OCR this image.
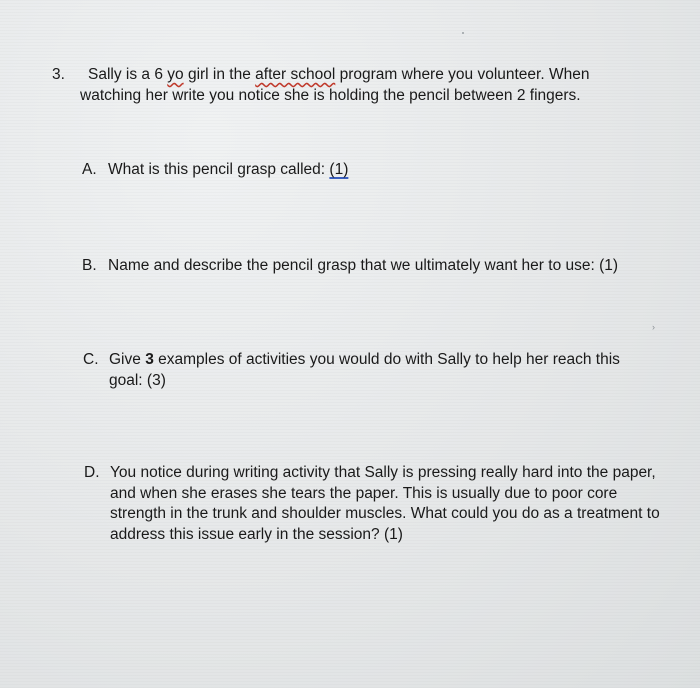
3.	Sally is a 6 yo girl in the after school program where you volunteer. When
watching her write you notice she is holding the pencil between 2 fingers.

A. What is this pencil grasp called: (1)

B. Name and describe the pencil grasp that we ultimately want her to use: (1)

C. Give 3 examples of activities you would do with Sally to help her reach this goal: (3)

D. You notice during writing activity that Sally is pressing really hard into the paper, and when she erases she tears the paper. This is usually due to poor core strength in the trunk and shoulder muscles. What could you do as a treatment to address this issue early in the session? (1)

›
